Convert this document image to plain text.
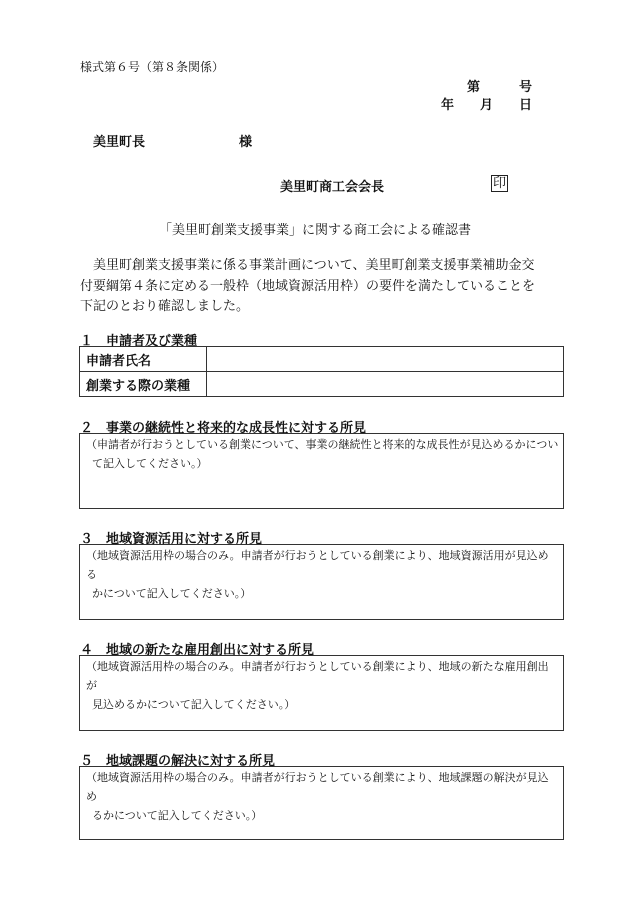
様式第６号（第８条関係）
第　　　号
年　　月　　日
美里町長	様
美里町商工会会長	印
「美里町創業支援事業」に関する商工会による確認書
美里町創業支援事業に係る事業計画について、美里町創業支援事業補助金交
付要綱第４条に定める一般枠（地域資源活用枠）の要件を満たしていることを
下記のとおり確認しました。
１　申請者及び業種
申請者氏名	
創業する際の業種	
２　事業の継続性と将来的な成長性に対する所見
（申請者が行おうとしている創業について、事業の継続性と将来的な成長性が見込めるかについ
て記入してください。）
３　地域資源活用に対する所見
（地域資源活用枠の場合のみ。申請者が行おうとしている創業により、地域資源活用が見込める
かについて記入してください。）
４　地域の新たな雇用創出に対する所見
（地域資源活用枠の場合のみ。申請者が行おうとしている創業により、地域の新たな雇用創出が
見込めるかについて記入してください。）
５　地域課題の解決に対する所見
（地域資源活用枠の場合のみ。申請者が行おうとしている創業により、地域課題の解決が見込め
るかについて記入してください。）
